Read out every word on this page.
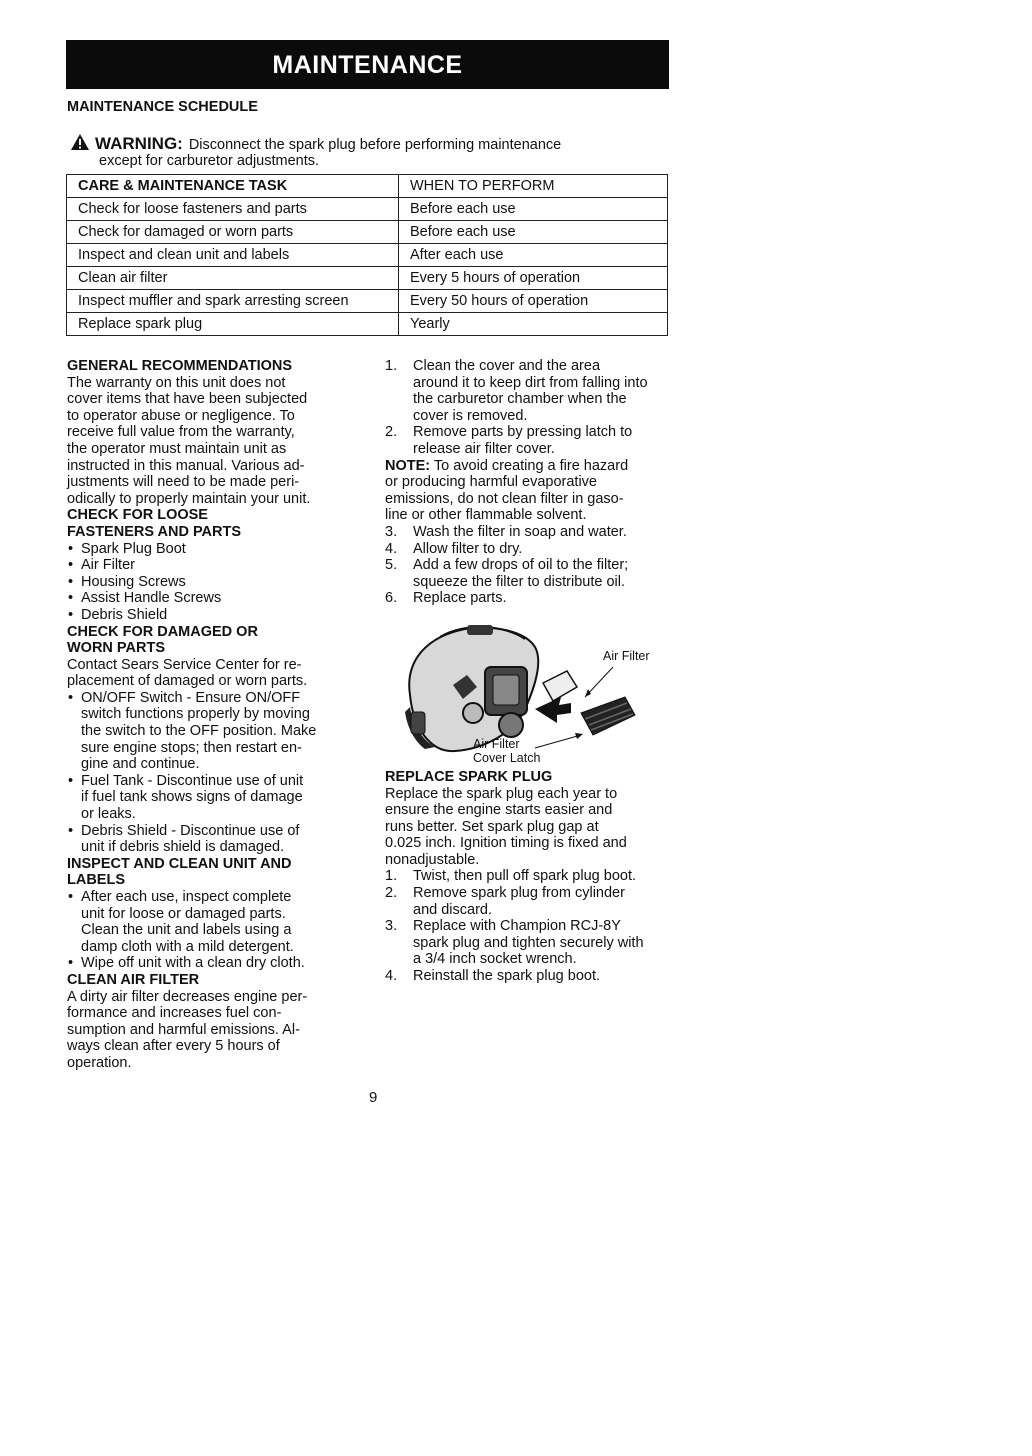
MAINTENANCE
MAINTENANCE SCHEDULE
WARNING: Disconnect the spark plug before performing maintenance
except for carburetor adjustments.
CARE & MAINTENANCE TASK	WHEN TO PERFORM
Check for loose fasteners and parts	Before each use
Check for damaged or worn parts	Before each use
Inspect and clean unit and labels	After each use
Clean air filter	Every 5 hours of operation
Inspect muffler and spark arresting screen	Every 50 hours of operation
Replace spark plug	Yearly
GENERAL RECOMMENDATIONS
The warranty on this unit does not
cover items that have been subjected
to operator abuse or negligence. To
receive full value from the warranty,
the operator must maintain unit as
instructed in this manual. Various ad-
justments will need to be made peri-
odically to properly maintain your unit.
CHECK FOR LOOSE
FASTENERS AND PARTS
• Spark Plug Boot
• Air Filter
• Housing Screws
• Assist Handle Screws
• Debris Shield
CHECK FOR DAMAGED OR
WORN PARTS
Contact Sears Service Center for re-
placement of damaged or worn parts.
• ON/OFF Switch - Ensure ON/OFF
switch functions properly by moving
the switch to the OFF position. Make
sure engine stops; then restart en-
gine and continue.
• Fuel Tank - Discontinue use of unit
if fuel tank shows signs of damage
or leaks.
• Debris Shield - Discontinue use of
unit if debris shield is damaged.
INSPECT AND CLEAN UNIT AND
LABELS
• After each use, inspect complete
unit for loose or damaged parts.
Clean the unit and labels using a
damp cloth with a mild detergent.
• Wipe off unit with a clean dry cloth.
CLEAN AIR FILTER
A dirty air filter decreases engine per-
formance and increases fuel con-
sumption and harmful emissions. Al-
ways clean after every 5 hours of
operation.
1. Clean the cover and the area
around it to keep dirt from falling into
the carburetor chamber when the
cover is removed.
2. Remove parts by pressing latch to
release air filter cover.
NOTE: To avoid creating a fire hazard
or producing harmful evaporative
emissions, do not clean filter in gaso-
line or other flammable solvent.
3. Wash the filter in soap and water.
4. Allow filter to dry.
5. Add a few drops of oil to the filter;
squeeze the filter to distribute oil.
6. Replace parts.
Air Filter
Air Filter
Cover Latch
REPLACE SPARK PLUG
Replace the spark plug each year to
ensure the engine starts easier and
runs better. Set spark plug gap at
0.025 inch. Ignition timing is fixed and
nonadjustable.
1. Twist, then pull off spark plug boot.
2. Remove spark plug from cylinder
and discard.
3. Replace with Champion RCJ-8Y
spark plug and tighten securely with
a 3/4 inch socket wrench.
4. Reinstall the spark plug boot.
9
